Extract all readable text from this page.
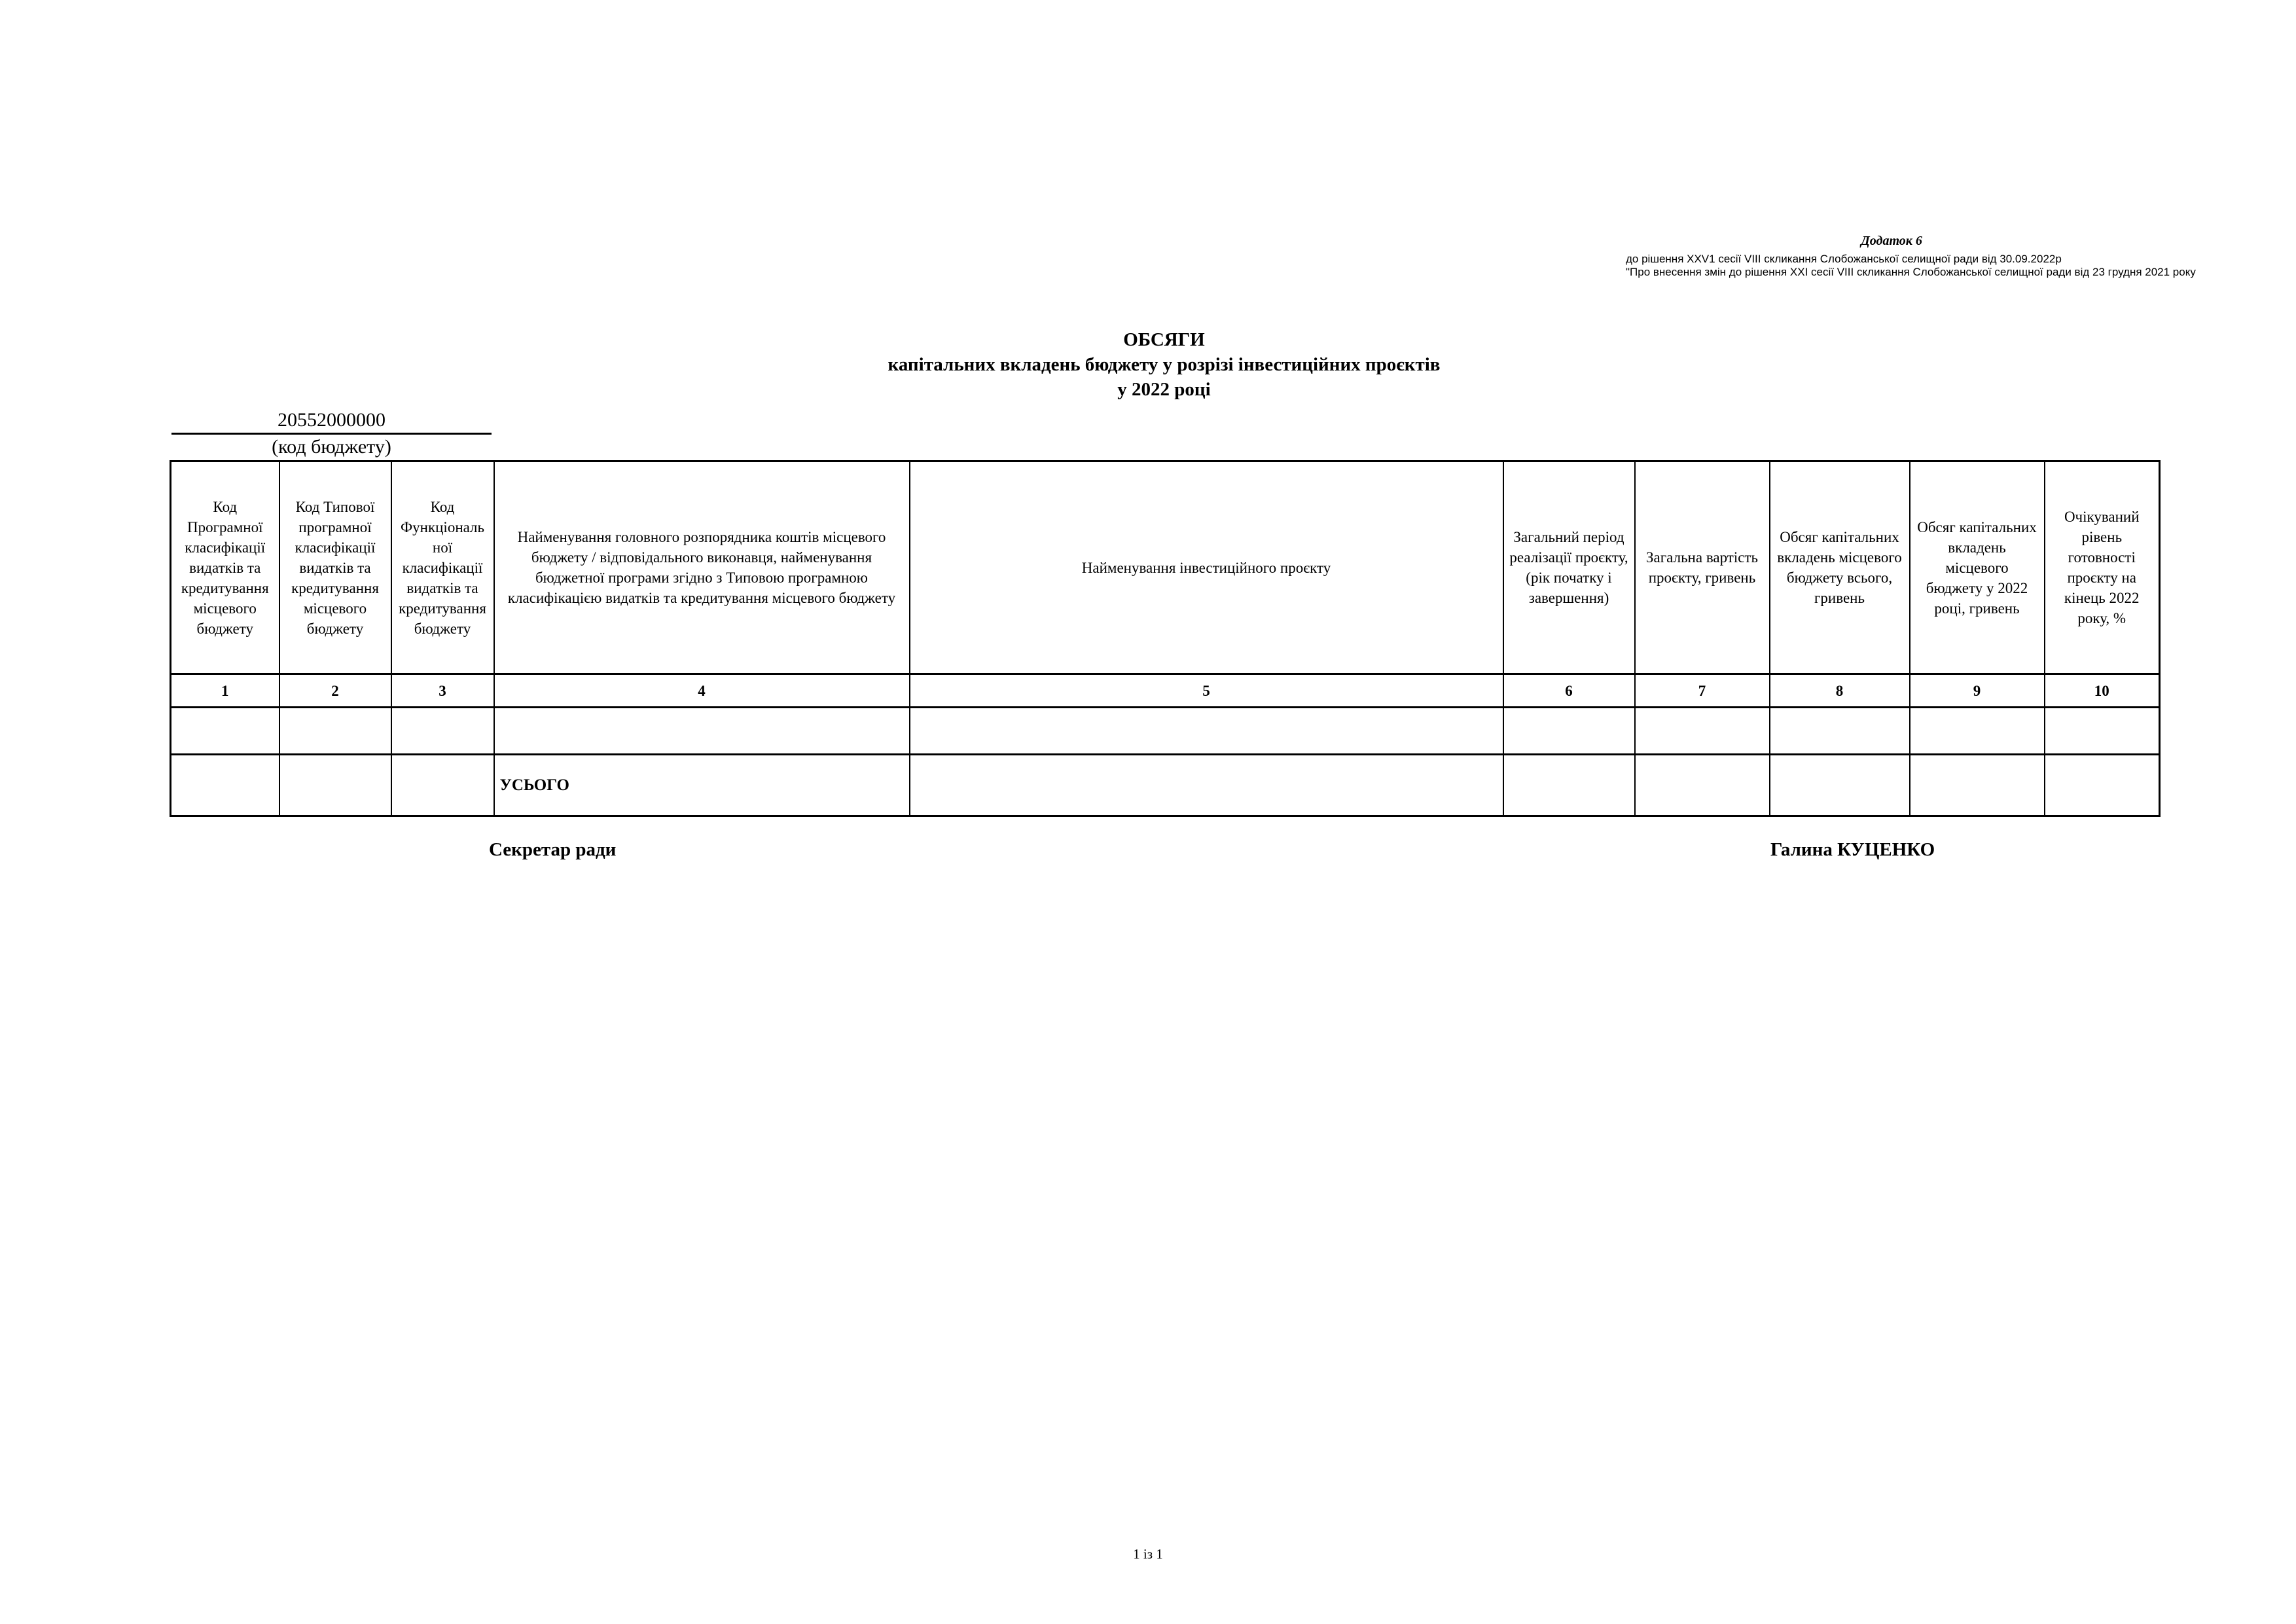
Додаток 6
до рішення XXV1 сесії VIII скликання Слобожанської селищної ради від 30.09.2022р
"Про внесення змін до рішення XXI сесії VIII скликання Слобожанської селищної ради від 23 грудня 2021 року
ОБСЯГИ
капітальних вкладень бюджету у розрізі інвестиційних проєктів
у 2022 році
20552000000
(код бюджету)
Код Програмної класифікації видатків та кредитування місцевого бюджету	Код Типової програмної класифікації видатків та кредитування місцевого бюджету	Код Функціональної класифікації видатків та кредитування бюджету	Найменування головного розпорядника коштів місцевого бюджету / відповідального виконавця, найменування бюджетної програми згідно з Типовою програмною класифікацією видатків та кредитування місцевого бюджету	Найменування інвестиційного проєкту	Загальний період реалізації проєкту, (рік початку і завершення)	Загальна вартість проєкту, гривень	Обсяг капітальних вкладень місцевого бюджету всього, гривень	Обсяг капітальних вкладень місцевого бюджету у 2022 році, гривень	Очікуваний рівень готовності проєкту на кінець 2022 року, %
1	2	3	4	5	6	7	8	9	10

			УСЬОГО						
Секретар ради	Галина КУЦЕНКО
1 із 1
